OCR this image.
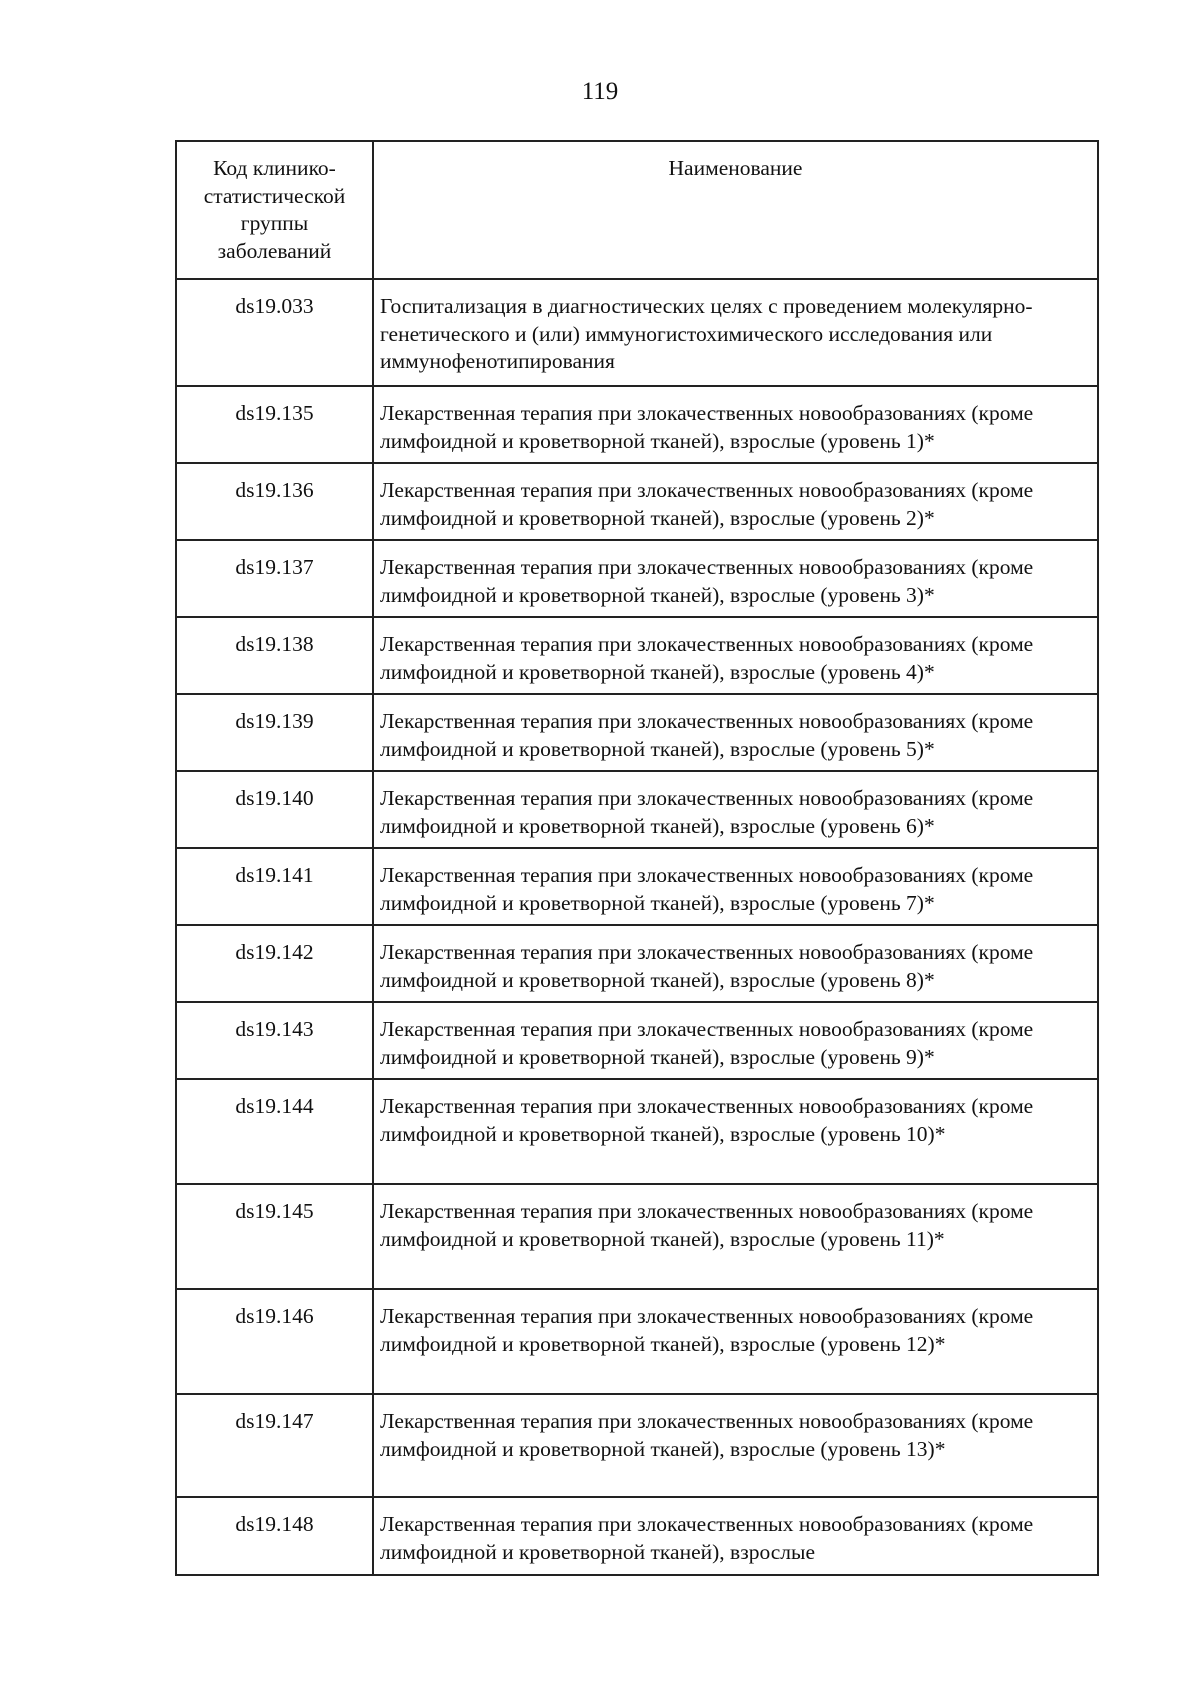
119
Код клинико-статистической группы заболеваний	Наименование
ds19.033	Госпитализация в диагностических целях с проведением молекулярно-генетического и (или) иммуногистохимического исследования или иммунофенотипирования
ds19.135	Лекарственная терапия при злокачественных новообразованиях (кроме лимфоидной и кроветворной тканей), взрослые (уровень 1)*
ds19.136	Лекарственная терапия при злокачественных новообразованиях (кроме лимфоидной и кроветворной тканей), взрослые (уровень 2)*
ds19.137	Лекарственная терапия при злокачественных новообразованиях (кроме лимфоидной и кроветворной тканей), взрослые (уровень 3)*
ds19.138	Лекарственная терапия при злокачественных новообразованиях (кроме лимфоидной и кроветворной тканей), взрослые (уровень 4)*
ds19.139	Лекарственная терапия при злокачественных новообразованиях (кроме лимфоидной и кроветворной тканей), взрослые (уровень 5)*
ds19.140	Лекарственная терапия при злокачественных новообразованиях (кроме лимфоидной и кроветворной тканей), взрослые (уровень 6)*
ds19.141	Лекарственная терапия при злокачественных новообразованиях (кроме лимфоидной и кроветворной тканей), взрослые (уровень 7)*
ds19.142	Лекарственная терапия при злокачественных новообразованиях (кроме лимфоидной и кроветворной тканей), взрослые (уровень 8)*
ds19.143	Лекарственная терапия при злокачественных новообразованиях (кроме лимфоидной и кроветворной тканей), взрослые (уровень 9)*
ds19.144	Лекарственная терапия при злокачественных новообразованиях (кроме лимфоидной и кроветворной тканей), взрослые (уровень 10)*
ds19.145	Лекарственная терапия при злокачественных новообразованиях (кроме лимфоидной и кроветворной тканей), взрослые (уровень 11)*
ds19.146	Лекарственная терапия при злокачественных новообразованиях (кроме лимфоидной и кроветворной тканей), взрослые (уровень 12)*
ds19.147	Лекарственная терапия при злокачественных новообразованиях (кроме лимфоидной и кроветворной тканей), взрослые (уровень 13)*
ds19.148	Лекарственная терапия при злокачественных новообразованиях (кроме лимфоидной и кроветворной тканей), взрослые
